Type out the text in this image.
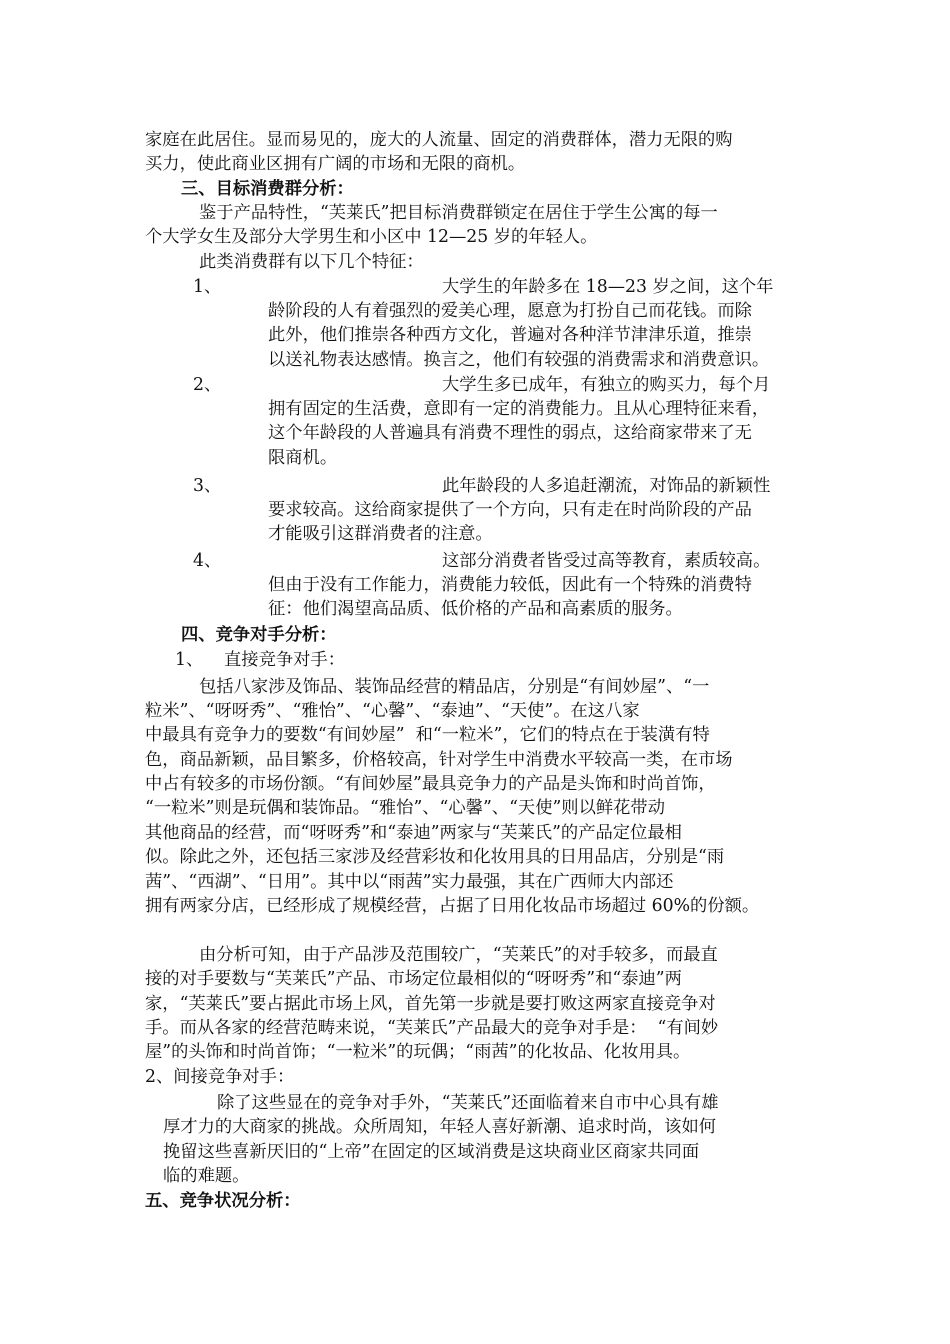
家庭在此居住。显而易见的，庞大的人流量、固定的消费群体，潜力无限的购
买力，使此商业区拥有广阔的市场和无限的商机。
三、目标消费群分析：
鉴于产品特性，“芙莱氏”把目标消费群锁定在居住于学生公寓的每一
个大学女生及部分大学男生和小区中 12—25 岁的年轻人。
此类消费群有以下几个特征：
1、	大学生的年龄多在 18—23 岁之间，这个年
龄阶段的人有着强烈的爱美心理，愿意为打扮自己而花钱。而除
此外，他们推崇各种西方文化，普遍对各种洋节津津乐道，推崇
以送礼物表达感情。换言之，他们有较强的消费需求和消费意识。
2、	大学生多已成年，有独立的购买力，每个月
拥有固定的生活费，意即有一定的消费能力。且从心理特征来看，
这个年龄段的人普遍具有消费不理性的弱点，这给商家带来了无
限商机。
3、	此年龄段的人多追赶潮流，对饰品的新颖性
要求较高。这给商家提供了一个方向，只有走在时尚阶段的产品
才能吸引这群消费者的注意。
4、	这部分消费者皆受过高等教育，素质较高。
但由于没有工作能力，消费能力较低，因此有一个特殊的消费特
征：他们渴望高品质、低价格的产品和高素质的服务。
四、竞争对手分析：
1、 直接竞争对手：
包括八家涉及饰品、装饰品经营的精品店，分别是“有间妙屋”、“一
粒米”、“呀呀秀”、“雅怡”、“心馨”、“泰迪”、“天使”。在这八家
中最具有竞争力的要数“有间妙屋”  和“一粒米”，它们的特点在于装潢有特
色，商品新颖，品目繁多，价格较高，针对学生中消费水平较高一类，在市场
中占有较多的市场份额。“有间妙屋”最具竞争力的产品是头饰和时尚首饰，
“一粒米”则是玩偶和装饰品。“雅怡”、“心馨”、“天使”则以鲜花带动
其他商品的经营，而“呀呀秀”和“泰迪”两家与“芙莱氏”的产品定位最相
似。除此之外，还包括三家涉及经营彩妆和化妆用具的日用品店，分别是“雨
茜”、“西湖”、“日用”。其中以“雨茜”实力最强，其在广西师大内部还
拥有两家分店，已经形成了规模经营，占据了日用化妆品市场超过 60%的份额。
由分析可知，由于产品涉及范围较广，“芙莱氏”的对手较多，而最直
接的对手要数与“芙莱氏”产品、市场定位最相似的“呀呀秀”和“泰迪”两
家，“芙莱氏”要占据此市场上风，首先第一步就是要打败这两家直接竞争对
手。而从各家的经营范畴来说，“芙莱氏”产品最大的竞争对手是：  “有间妙
屋”的头饰和时尚首饰；“一粒米”的玩偶；“雨茜”的化妆品、化妆用具。
2、间接竞争对手：
除了这些显在的竞争对手外，“芙莱氏”还面临着来自市中心具有雄
厚才力的大商家的挑战。众所周知，年轻人喜好新潮、追求时尚，该如何
挽留这些喜新厌旧的“上帝”在固定的区域消费是这块商业区商家共同面
临的难题。
五、竞争状况分析：
